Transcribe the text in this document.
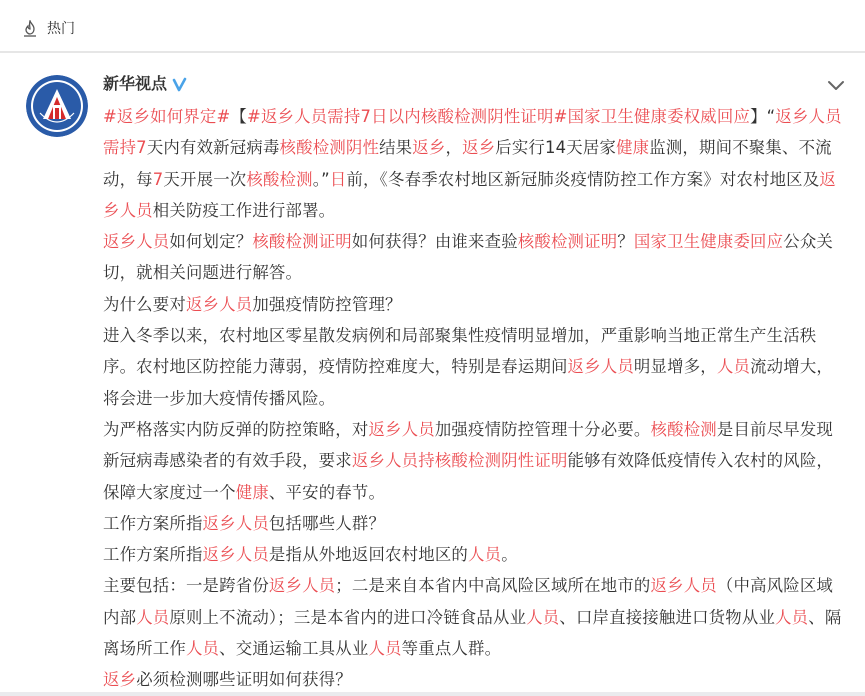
热门
新华视点

#返乡如何界定#【#返乡人员需持7日以内核酸检测阴性证明#国家卫生健康委权威回应】“返乡人员需持7天内有效新冠病毒核酸检测阴性结果返乡，返乡后实行14天居家健康监测，期间不聚集、不流动，每7天开展一次核酸检测。”日前，《冬春季农村地区新冠肺炎疫情防控工作方案》对农村地区及返乡人员相关防疫工作进行部署。

返乡人员如何划定？核酸检测证明如何获得？由谁来查验核酸检测证明？国家卫生健康委回应公众关切，就相关问题进行解答。

为什么要对返乡人员加强疫情防控管理？

进入冬季以来，农村地区零星散发病例和局部聚集性疫情明显增加，严重影响当地正常生产生活秩序。农村地区防控能力薄弱，疫情防控难度大，特别是春运期间返乡人员明显增多，人员流动增大，将会进一步加大疫情传播风险。

为严格落实内防反弹的防控策略，对返乡人员加强疫情防控管理十分必要。核酸检测是目前尽早发现新冠病毒感染者的有效手段，要求返乡人员持核酸检测阴性证明能够有效降低疫情传入农村的风险，保障大家度过一个健康、平安的春节。

工作方案所指返乡人员包括哪些人群？

工作方案所指返乡人员是指从外地返回农村地区的人员。

主要包括：一是跨省份返乡人员；二是来自本省内中高风险区域所在地市的返乡人员（中高风险区域内部人员原则上不流动）；三是本省内的进口冷链食品从业人员、口岸直接接触进口货物从业人员、隔离场所工作人员、交通运输工具从业人员等重点人群。

返乡必须检测哪些证明如何获得？
